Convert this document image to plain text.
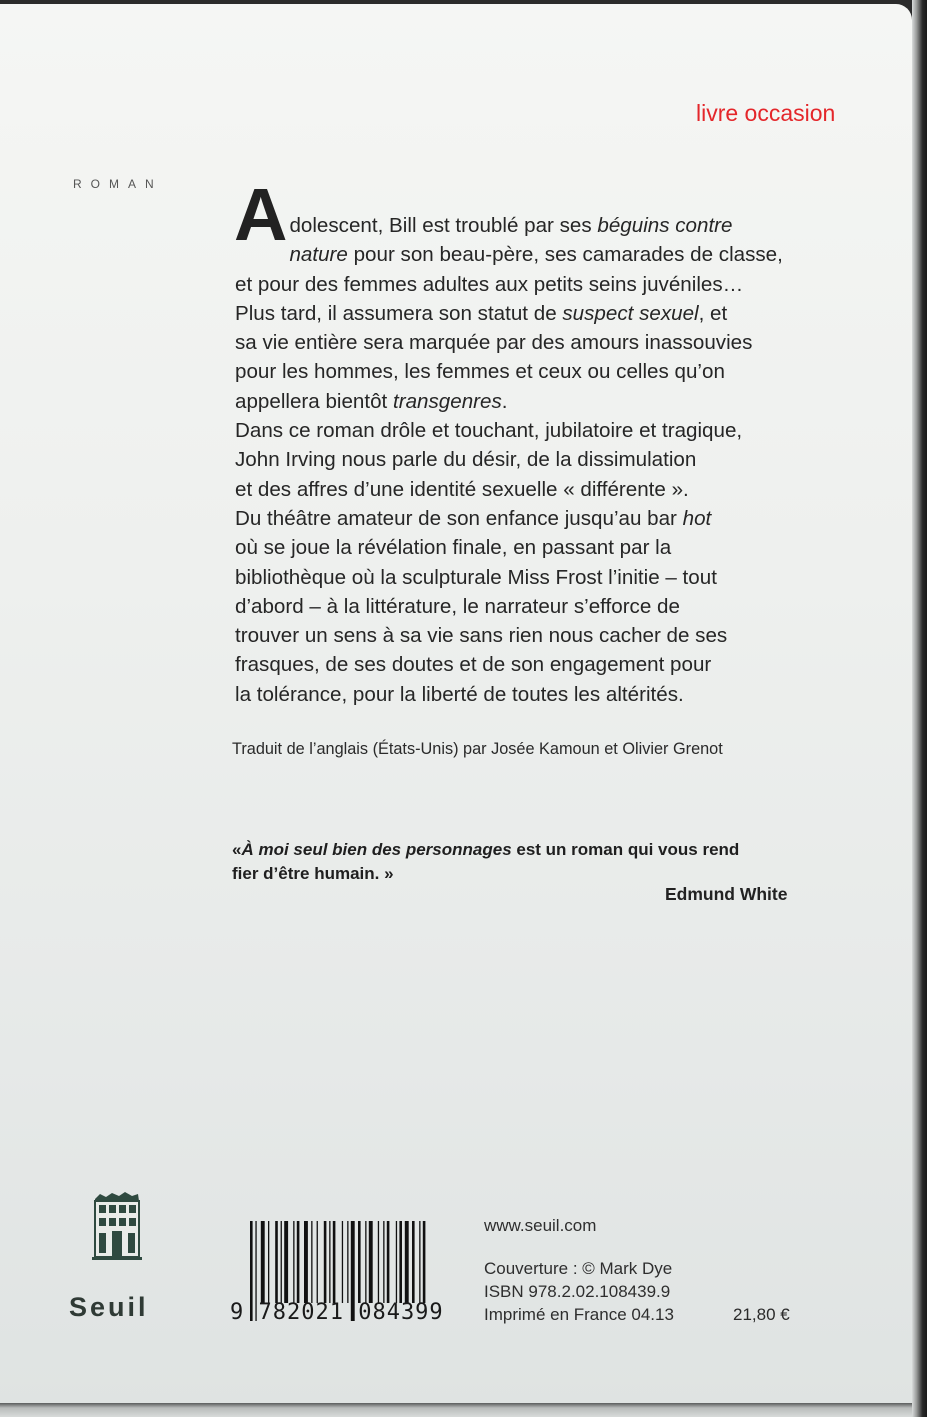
livre occasion
ROMAN A dolescent, Bill est troublé par ses béguins contre
nature pour son beau-père, ses camarades de classe,
et pour des femmes adultes aux petits seins juvéniles…
Plus tard, il assumera son statut de suspect sexuel, et
sa vie entière sera marquée par des amours inassouvies
pour les hommes, les femmes et ceux ou celles qu’on
appellera bientôt transgenres.
Dans ce roman drôle et touchant, jubilatoire et tragique,
John Irving nous parle du désir, de la dissimulation
et des affres d’une identité sexuelle « différente ».
Du théâtre amateur de son enfance jusqu’au bar hot
où se joue la révélation finale, en passant par la
bibliothèque où la sculpturale Miss Frost l’initie – tout
d’abord – à la littérature, le narrateur s’efforce de
trouver un sens à sa vie sans rien nous cacher de ses
frasques, de ses doutes et de son engagement pour
la tolérance, pour la liberté de toutes les altérités.
Traduit de l’anglais (États-Unis) par Josée Kamoun et Olivier Grenot
«À moi seul bien des personnages est un roman qui vous rend
fier d’être humain. »
Edmund White
Seuil	9 782021 084399
www.seuil.com
Couverture : © Mark Dye
ISBN 978.2.02.108439.9
Imprimé en France 04.13	21,80 €
